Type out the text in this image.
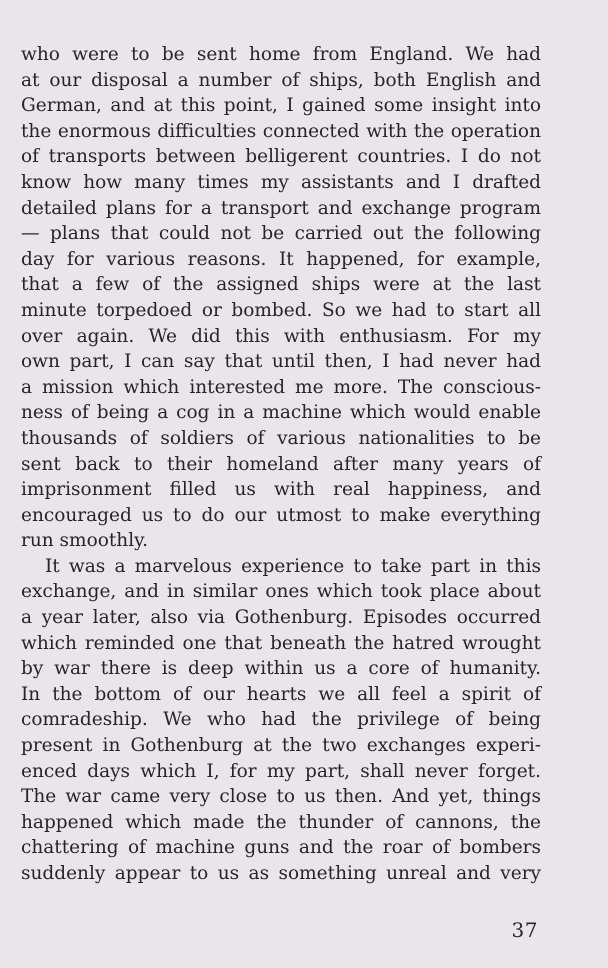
who were to be sent home from England. We had
at our disposal a number of ships, both English and
German, and at this point, I gained some insight into
the enormous difficulties connected with the operation
of transports between belligerent countries. I do not
know how many times my assistants and I drafted
detailed plans for a transport and exchange program
— plans that could not be carried out the following
day for various reasons. It happened, for example,
that a few of the assigned ships were at the last
minute torpedoed or bombed. So we had to start all
over again. We did this with enthusiasm. For my
own part, I can say that until then, I had never had
a mission which interested me more. The conscious-
ness of being a cog in a machine which would enable
thousands of soldiers of various nationalities to be
sent back to their homeland after many years of
imprisonment filled us with real happiness, and
encouraged us to do our utmost to make everything
run smoothly.
It was a marvelous experience to take part in this
exchange, and in similar ones which took place about
a year later, also via Gothenburg. Episodes occurred
which reminded one that beneath the hatred wrought
by war there is deep within us a core of humanity.
In the bottom of our hearts we all feel a spirit of
comradeship. We who had the privilege of being
present in Gothenburg at the two exchanges experi-
enced days which I, for my part, shall never forget.
The war came very close to us then. And yet, things
happened which made the thunder of cannons, the
chattering of machine guns and the roar of bombers
suddenly appear to us as something unreal and very
37
